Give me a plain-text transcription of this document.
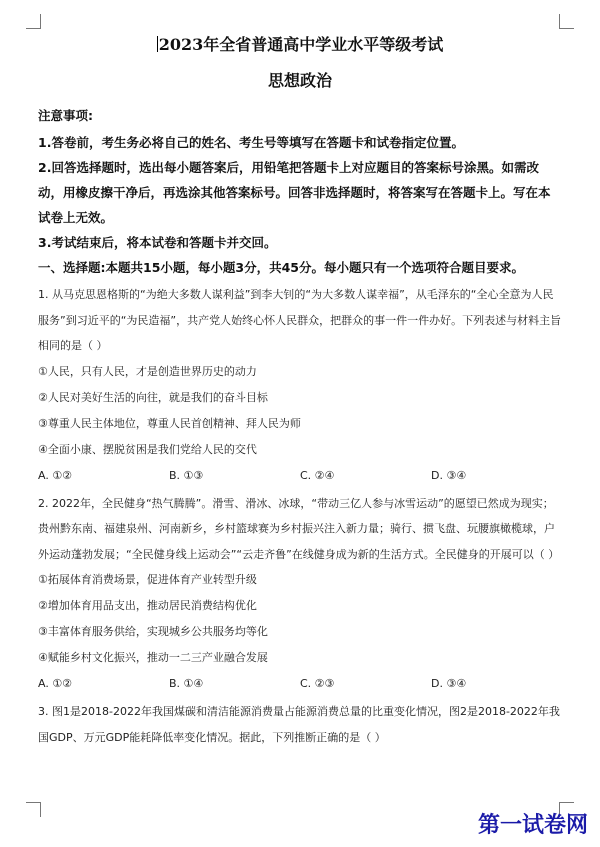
2023年全省普通高中学业水平等级考试
思想政治
注意事项:

1.答卷前，考生务必将自己的姓名、考生号等填写在答题卡和试卷指定位置。

2.回答选择题时，选出每小题答案后，用铅笔把答题卡上对应题目的答案标号涂黑。如需改动，用橡皮擦干净后，再选涂其他答案标号。回答非选择题时，将答案写在答题卡上。写在本试卷上无效。

3.考试结束后，将本试卷和答题卡并交回。

一、选择题:本题共15小题，每小题3分，共45分。每小题只有一个选项符合题目要求。

1. 从马克思恩格斯的“为绝大多数人谋利益”到李大钊的“为大多数人谋幸福”，从毛泽东的“全心全意为人民服务”到习近平的“为民造福”，共产党人始终心怀人民群众，把群众的事一件一件办好。下列表述与材料主旨相同的是（ ）

①人民，只有人民，才是创造世界历史的动力

②人民对美好生活的向往，就是我们的奋斗目标

③尊重人民主体地位，尊重人民首创精神、拜人民为师

④全面小康、摆脱贫困是我们党给人民的交代

A. ①②	B. ①③	C. ②④	D. ③④

2. 2022年，全民健身“热气腾腾”。滑雪、滑冰、冰球，“带动三亿人参与冰雪运动”的愿望已然成为现实；贵州黔东南、福建泉州、河南新乡，乡村篮球赛为乡村振兴注入新力量；骑行、掼飞盘、玩腰旗橄榄球，户外运动蓬勃发展；“全民健身线上运动会”“云走齐鲁”在线健身成为新的生活方式。全民健身的开展可以（ ）

①拓展体育消费场景，促进体育产业转型升级

②增加体育用品支出，推动居民消费结构优化

③丰富体育服务供给，实现城乡公共服务均等化

④赋能乡村文化振兴，推动一二三产业融合发展

A. ①②	B. ①④	C. ②③	D. ③④

3. 图1是2018-2022年我国煤碳和清洁能源消费量占能源消费总量的比重变化情况，图2是2018-2022年我国GDP、万元GDP能耗降低率变化情况。据此，下列推断正确的是（ ）

第一试卷网
